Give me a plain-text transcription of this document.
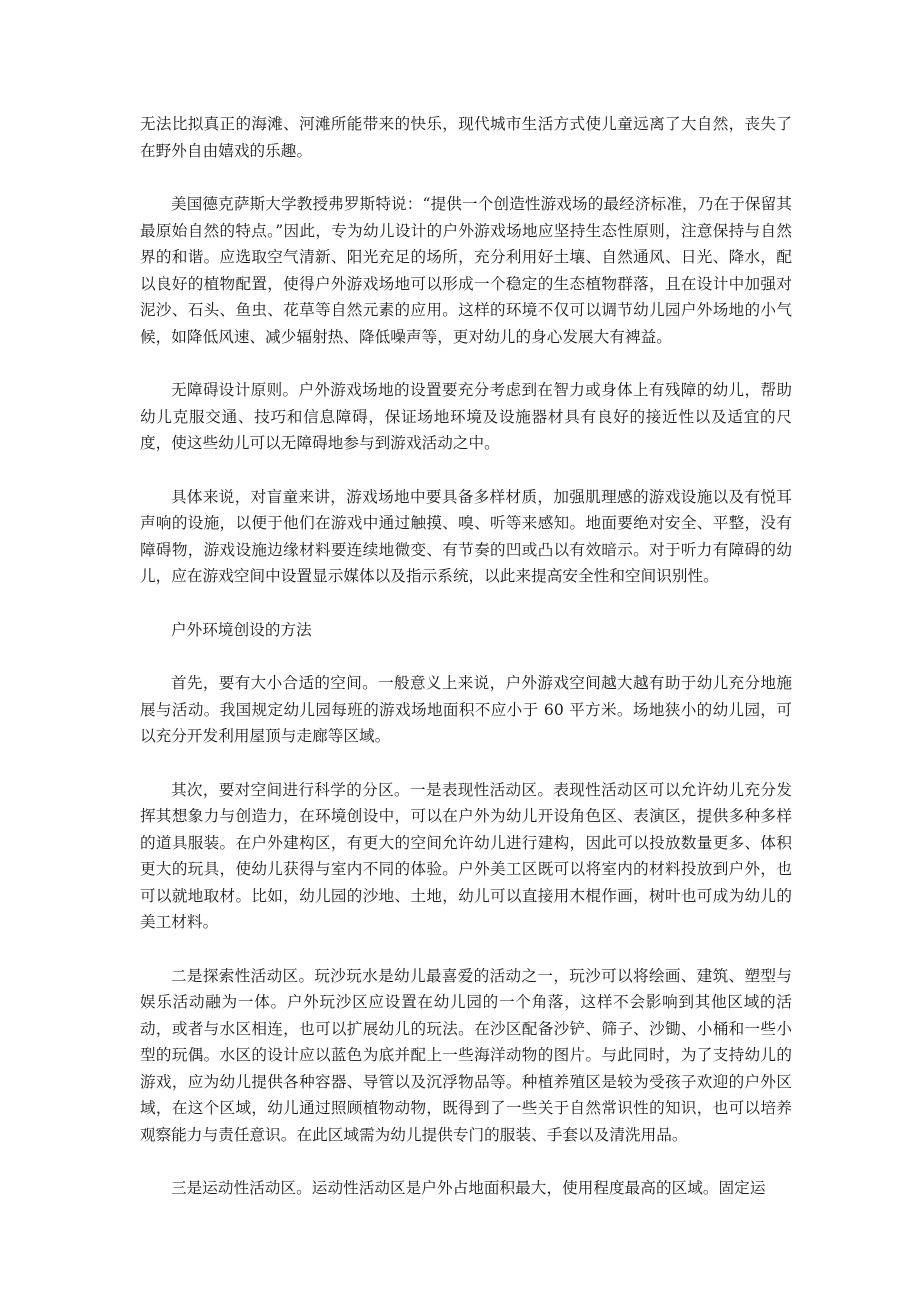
无法比拟真正的海滩、河滩所能带来的快乐，现代城市生活方式使儿童远离了大自然，丧失了在野外自由嬉戏的乐趣。

美国德克萨斯大学教授弗罗斯特说：“提供一个创造性游戏场的最经济标准，乃在于保留其最原始自然的特点。”因此，专为幼儿设计的户外游戏场地应坚持生态性原则，注意保持与自然界的和谐。应选取空气清新、阳光充足的场所，充分利用好土壤、自然通风、日光、降水，配以良好的植物配置，使得户外游戏场地可以形成一个稳定的生态植物群落，且在设计中加强对泥沙、石头、鱼虫、花草等自然元素的应用。这样的环境不仅可以调节幼儿园户外场地的小气候，如降低风速、减少辐射热、降低噪声等，更对幼儿的身心发展大有裨益。

无障碍设计原则。户外游戏场地的设置要充分考虑到在智力或身体上有残障的幼儿，帮助幼儿克服交通、技巧和信息障碍，保证场地环境及设施器材具有良好的接近性以及适宜的尺度，使这些幼儿可以无障碍地参与到游戏活动之中。

具体来说，对盲童来讲，游戏场地中要具备多样材质，加强肌理感的游戏设施以及有悦耳声响的设施，以便于他们在游戏中通过触摸、嗅、听等来感知。地面要绝对安全、平整，没有障碍物，游戏设施边缘材料要连续地微变、有节奏的凹或凸以有效暗示。对于听力有障碍的幼儿，应在游戏空间中设置显示媒体以及指示系统，以此来提高安全性和空间识别性。

户外环境创设的方法

首先，要有大小合适的空间。一般意义上来说，户外游戏空间越大越有助于幼儿充分地施展与活动。我国规定幼儿园每班的游戏场地面积不应小于 60 平方米。场地狭小的幼儿园，可以充分开发利用屋顶与走廊等区域。

其次，要对空间进行科学的分区。一是表现性活动区。表现性活动区可以允许幼儿充分发挥其想象力与创造力，在环境创设中，可以在户外为幼儿开设角色区、表演区，提供多种多样的道具服装。在户外建构区，有更大的空间允许幼儿进行建构，因此可以投放数量更多、体积更大的玩具，使幼儿获得与室内不同的体验。户外美工区既可以将室内的材料投放到户外，也可以就地取材。比如，幼儿园的沙地、土地，幼儿可以直接用木棍作画，树叶也可成为幼儿的美工材料。

二是探索性活动区。玩沙玩水是幼儿最喜爱的活动之一，玩沙可以将绘画、建筑、塑型与娱乐活动融为一体。户外玩沙区应设置在幼儿园的一个角落，这样不会影响到其他区域的活动，或者与水区相连，也可以扩展幼儿的玩法。在沙区配备沙铲、筛子、沙锄、小桶和一些小型的玩偶。水区的设计应以蓝色为底并配上一些海洋动物的图片。与此同时，为了支持幼儿的游戏，应为幼儿提供各种容器、导管以及沉浮物品等。种植养殖区是较为受孩子欢迎的户外区域，在这个区域，幼儿通过照顾植物动物，既得到了一些关于自然常识性的知识，也可以培养观察能力与责任意识。在此区域需为幼儿提供专门的服装、手套以及清洗用品。

三是运动性活动区。运动性活动区是户外占地面积最大，使用程度最高的区域。固定运
